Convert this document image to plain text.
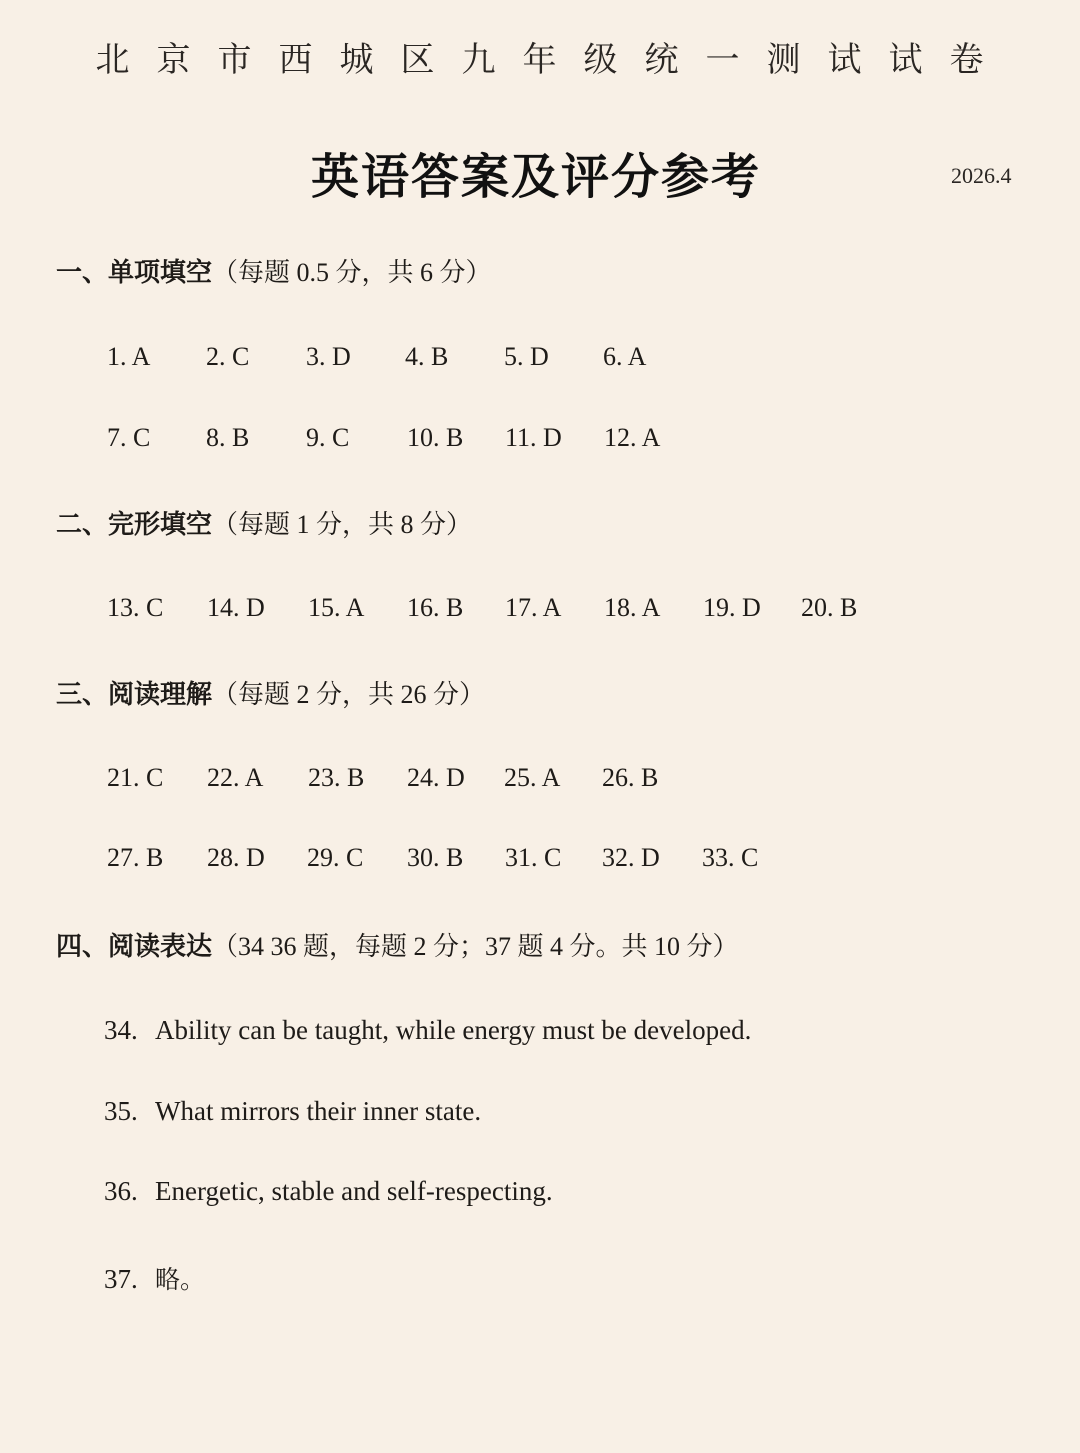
北京市西城区九年级统一测试试卷
英语答案及评分参考	2026.4
一、单项填空（每题 0.5 分，共 6 分）
1. A 2. C 3. D 4. B 5. D 6. A
7. C 8. B 9. C 10. B 11. D 12. A
二、完形填空（每题 1 分，共 8 分）
13. C 14. D 15. A 16. B 17. A 18. A 19. D 20. B
三、阅读理解（每题 2 分，共 26 分）
21. C 22. A 23. B 24. D 25. A 26. B
27. B 28. D 29. C 30. B 31. C 32. D 33. C
四、阅读表达（34 36 题，每题 2 分；37 题 4 分。共 10 分）
34. Ability can be taught, while energy must be developed.
35. What mirrors their inner state.
36. Energetic, stable and self-respecting.
37. 略。
